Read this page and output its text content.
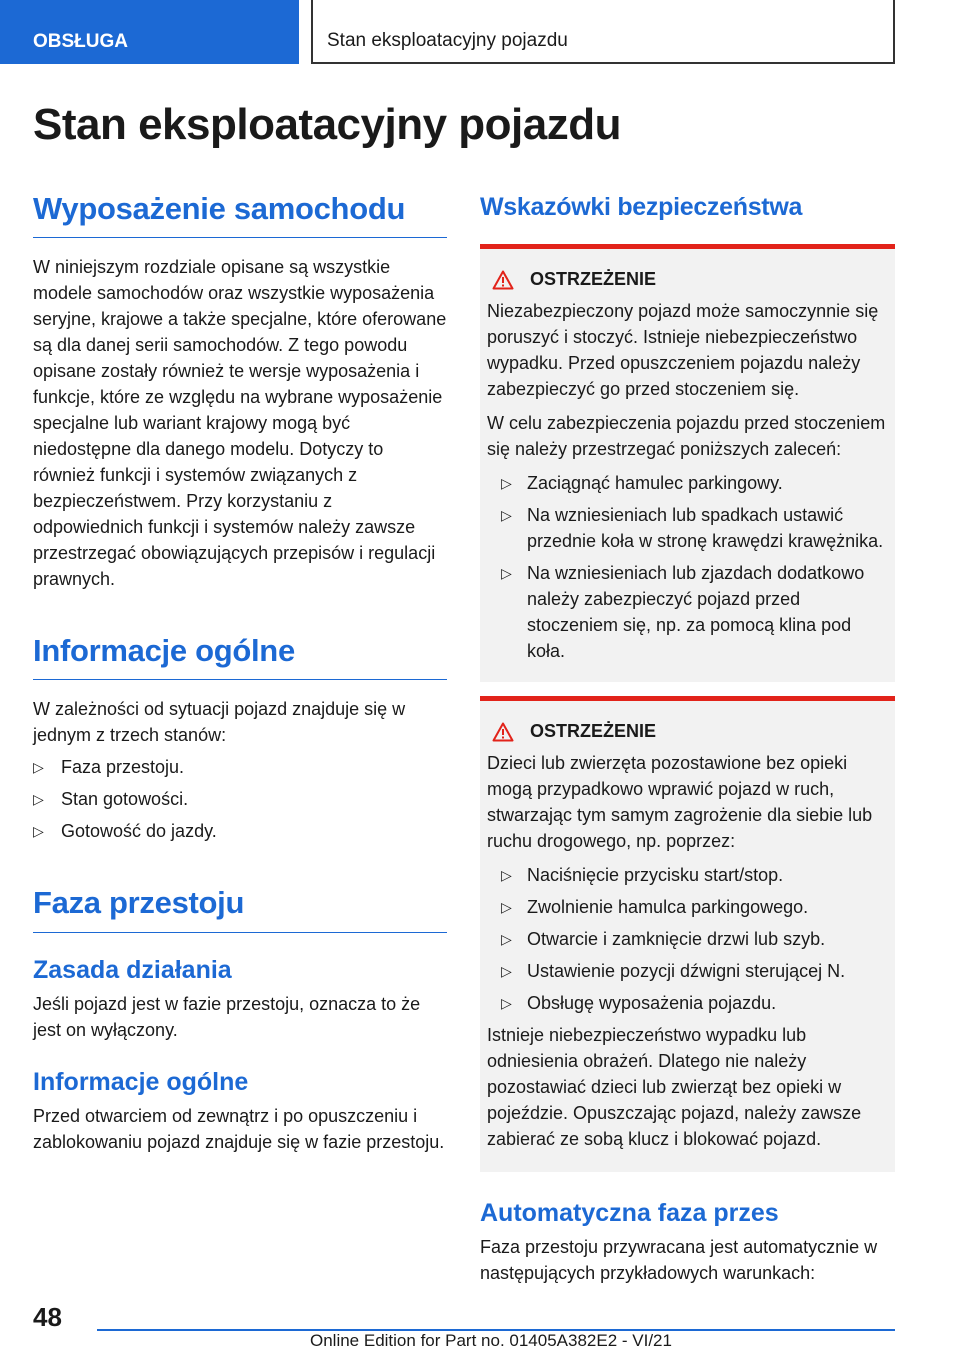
OBSŁUGA	Stan eksploatacyjny pojazdu
Stan eksploatacyjny pojazdu
Wyposażenie samochodu

W niniejszym rozdziale opisane są wszystkie modele samochodów oraz wszystkie wyposażenia seryjne, krajowe a także specjalne, które oferowane są dla danej serii samochodów. Z tego powodu opisane zostały również te wersje wyposażenia i funkcje, które ze względu na wybrane wyposażenie specjalne lub wariant krajowy mogą być niedostępne dla danego modelu. Dotyczy to również funkcji i systemów związanych z bezpieczeństwem. Przy korzystaniu z odpowiednich funkcji i systemów należy zawsze przestrzegać obowiązujących przepisów i regulacji prawnych.

Informacje ogólne

W zależności od sytuacji pojazd znajduje się w jednym z trzech stanów:

▷ Faza przestoju.
▷ Stan gotowości.
▷ Gotowość do jazdy.
Faza przestoju
Zasada działania

Jeśli pojazd jest w fazie przestoju, oznacza to że jest on wyłączony.

Informacje ogólne

Przed otwarciem od zewnątrz i po opuszczeniu i zablokowaniu pojazd znajduje się w fazie przestoju.

Wskazówki bezpieczeństwa
OSTRZEŻENIE

Niezabezpieczony pojazd może samoczynnie się poruszyć i stoczyć. Istnieje niebezpieczeństwo wypadku. Przed opuszczeniem pojazdu należy zabezpieczyć go przed stoczeniem się.

W celu zabezpieczenia pojazdu przed stoczeniem się należy przestrzegać poniższych zaleceń:

▷ Zaciągnąć hamulec parkingowy.
▷ Na wzniesieniach lub spadkach ustawić przednie koła w stronę krawędzi krawężnika.
▷ Na wzniesieniach lub zjazdach dodatkowo należy zabezpieczyć pojazd przed stoczeniem się, np. za pomocą klina pod koła.
OSTRZEŻENIE

Dzieci lub zwierzęta pozostawione bez opieki mogą przypadkowo wprawić pojazd w ruch, stwarzając tym samym zagrożenie dla siebie lub ruchu drogowego, np. poprzez:

▷ Naciśnięcie przycisku start/stop.
▷ Zwolnienie hamulca parkingowego.
▷ Otwarcie i zamknięcie drzwi lub szyb.
▷ Ustawienie pozycji dźwigni sterującej N.
▷ Obsługę wyposażenia pojazdu.

Istnieje niebezpieczeństwo wypadku lub odniesienia obrażeń. Dlatego nie należy pozostawiać dzieci lub zwierząt bez opieki w pojeździe. Opuszczając pojazd, należy zawsze zabierać ze sobą klucz i blokować pojazd.

Automatyczna faza przes

Faza przestoju przywracana jest automatycznie w następujących przykładowych warunkach:

48
Online Edition for Part no. 01405A382E2 - VI/21
